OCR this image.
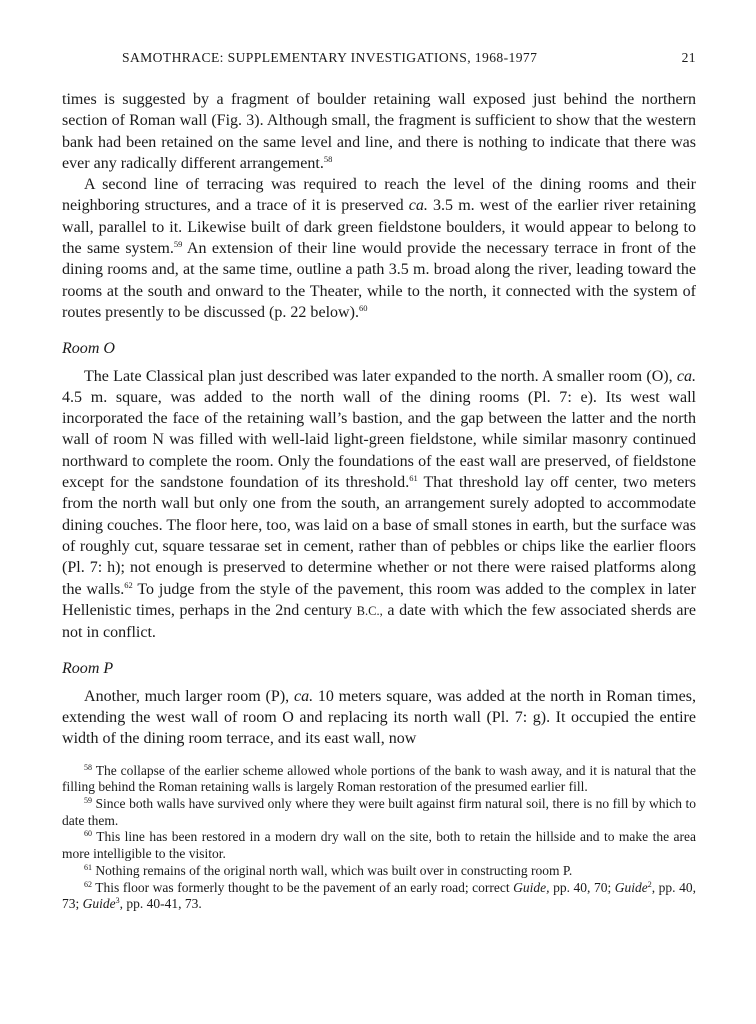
SAMOTHRACE: SUPPLEMENTARY INVESTIGATIONS, 1968-1977	21

times is suggested by a fragment of boulder retaining wall exposed just behind the northern section of Roman wall (Fig. 3). Although small, the fragment is sufficient to show that the western bank had been retained on the same level and line, and there is nothing to indicate that there was ever any radically different arrangement.$^{58}$

A second line of terracing was required to reach the level of the dining rooms and their neighboring structures, and a trace of it is preserved ca. 3.5 m. west of the earlier river retaining wall, parallel to it. Likewise built of dark green fieldstone boulders, it would appear to belong to the same system.$^{59}$ An extension of their line would provide the necessary terrace in front of the dining rooms and, at the same time, outline a path 3.5 m. broad along the river, leading toward the rooms at the south and onward to the Theater, while to the north, it connected with the system of routes presently to be discussed (p. 22 below).$^{60}$

Room O

The Late Classical plan just described was later expanded to the north. A smaller room (O), ca. 4.5 m. square, was added to the north wall of the dining rooms (Pl. 7: e). Its west wall incorporated the face of the retaining wall’s bastion, and the gap between the latter and the north wall of room N was filled with well-laid light-green fieldstone, while similar masonry continued northward to complete the room. Only the foundations of the east wall are preserved, of fieldstone except for the sandstone foundation of its threshold.$^{61}$ That threshold lay off center, two meters from the north wall but only one from the south, an arrangement surely adopted to accommodate dining couches. The floor here, too, was laid on a base of small stones in earth, but the surface was of roughly cut, square tessarae set in cement, rather than of pebbles or chips like the earlier floors (Pl. 7: h); not enough is preserved to determine whether or not there were raised platforms along the walls.$^{62}$ To judge from the style of the pavement, this room was added to the complex in later Hellenistic times, perhaps in the 2nd century B.C., a date with which the few associated sherds are not in conflict.

Room P

Another, much larger room (P), ca. 10 meters square, was added at the north in Roman times, extending the west wall of room O and replacing its north wall (Pl. 7: g). It occupied the entire width of the dining room terrace, and its east wall, now

$^{58}$ The collapse of the earlier scheme allowed whole portions of the bank to wash away, and it is natural that the filling behind the Roman retaining walls is largely Roman restoration of the presumed earlier fill.

$^{59}$ Since both walls have survived only where they were built against firm natural soil, there is no fill by which to date them.

$^{60}$ This line has been restored in a modern dry wall on the site, both to retain the hillside and to make the area more intelligible to the visitor.

$^{61}$ Nothing remains of the original north wall, which was built over in constructing room P.

$^{62}$ This floor was formerly thought to be the pavement of an early road; correct Guide, pp. 40, 70; Guide$^2$, pp. 40, 73; Guide$^3$, pp. 40-41, 73.
